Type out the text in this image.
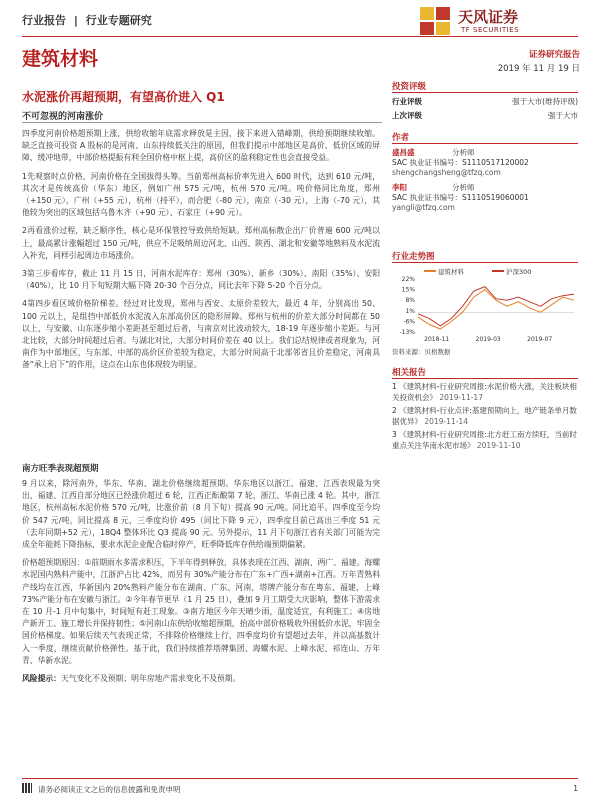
行业报告 | 行业专题研究	天风证券
TF SECURITIES
建筑材料	证券研究报告
2019 年 11 月 19 日
水泥涨价再超预期，有望高价进入 Q1
不可忽视的河南涨价

四季度河南价格超预期上涨，供给收缩年底需求释放是主因，接下来进入错峰期，供给预期继续收缩。缺乏直接可投资 A 股标的是河南、山东持续低关注的原因，但我们提示中部地区是高价、低价区域的屏障、缓冲地带，中部价格提振有利全国价格中枢上提，高价区的盈利稳定性也会直接受益。

1先观察时点价格，河南价格在全国拔得头筹。当前郑州高标价率先进入 600 时代，达到 610 元/吨，其次才是传统高价（华东）地区，例如广州 575 元/吨，杭州 570 元/吨。吨价格同比角度，郑州（+150 元），广州（+55 元），杭州（持平），而合肥（-80 元），南京（-30 元），上海（-70 元），其他较为突出的区域包括乌鲁木齐（+90 元）、石家庄（+90 元）。

2再看涨价过程，缺乏顺序性，核心是环保管控导致供给短缺。郑州高标散企出厂价普遍 600 元/吨以上，最高累计涨幅超过 150 元/吨，供应不足吸纳周边河北、山西、陕西、湖北和安徽等地熟料及水泥流入补充，同样引起周边市场涨价。

3第三步看库存，截止 11 月 15 日，河南水泥库存：郑州（30%）、新乡（30%）、南阳（35%）、安阳（40%），比 10 月下旬短期大幅下降 20-30 个百分点，同比去年下降 5-20 个百分点。

4第四步看区域价格阶梯差。经过对比发现，郑州与西安、太原价差较大，最近 4 年，分别高出 50、100 元以上，是组挡中部低价水泥流入东部高价区的隐形屏障。郑州与杭州的价差大部分时间都在 50 以上，与安徽、山东逐步缩小差距甚至超过后者，与南京对比波动较大，18-19 年逐步缩小差距。与河北比较，大部分时间超过后者。与湖北对比，大部分时间价差在 40 以上。我们总结规律或者现象为，河南作为中部地区，与东部、中部的高价区价差较为稳定，大部分时间高于北部邻省且价差稳定，河南具备“承上启下”的作用，这点在山东也体现较为明显。

南方旺季表现超预期

9 月以来，除河南外，华东、华南、湖北价格继续超预期。华东地区以浙江、福建、江西表现最为突出，福建、江西自部分地区已经涨价超过 6 轮，江西正酝酿第 7 轮，浙江、华南已涨 4 轮。其中，浙江地区，杭州高标水泥价格 570 元/吨，比涨价前（8 月下旬）提高 90 元/吨。同比追平。四季度至今均价 547 元/吨，同比提高 8 元，三季度均价 495（同比下降 9 元），四季度目前已高出三季度 51 元（去年同期+52 元），18Q4 整体环比 Q3 提高 90 元。另外提示，11 月下旬浙江省有关部门可能为完成全年能耗下降指标，要求水泥企业配合临时停产，旺季降低库存供给端预期偏紧。

价格超预期原因：①前期雨水多需求积压，下半年得到释放，具体表现在江西、湖南、两广、福建。海螺水泥国内熟料产能中，江浙沪占比 42%，而另有 30%产能分布在广东+广西+湖南+江西。万年青熟料产线均在江西，华新国内 20%熟料产能分布在湖南、广东、河南，塔牌产能分布在粤东、福建，上峰 73%产能分布在安徽与浙江。②今年春节更早（1 月 25 日），叠加 9 月工期受大庆影响，整体下游需求在 10 月-1 月中旬集中，时间短有赶工现象。③南方地区今年天晴少雨，温度适宜，有利施工；④房地产新开工、施工增长并保持韧性；⑤河南山东供给收缩超预期，抬高中部价格吸收外围低价水泥，牢固全国价格梯度。如果后续天气表现正常，不排除价格继续上行，四季度均价有望超过去年，并以高基数计入一季度，继续贡献价格弹性。基于此，我们持续推荐塔牌集团、海螺水泥、上峰水泥、祁连山、万年青、华新水泥。

风险提示：天气变化不及预期；明年房地产需求变化不及预期。

投资评级
行业评级	强于大市(维持评级)
上次评级	强于大市
作者
盛昌盛	分析师
SAC 执业证书编号：S1110517120002
shengchangsheng@tfzq.com
李阳	分析师
SAC 执业证书编号：S1110519060001
yangli@tfzq.com
行业走势图
建筑材料	沪深300
22%
15%
8%
1%
-6%
-13%
2018-11	2019-03	2019-07
资料来源：贝格数据
相关报告
1 《建筑材料-行业研究周报:水泥价格大涨，关注板块相关投资机会》 2019-11-17
2 《建筑材料-行业点评:基建预期向上，地产链条单月数据优异》 2019-11-14
3 《建筑材料-行业研究周报:北方赶工南方续旺，当前时重点关注华南水泥市场》 2019-11-10
请务必阅读正文之后的信息披露和免责申明	1
